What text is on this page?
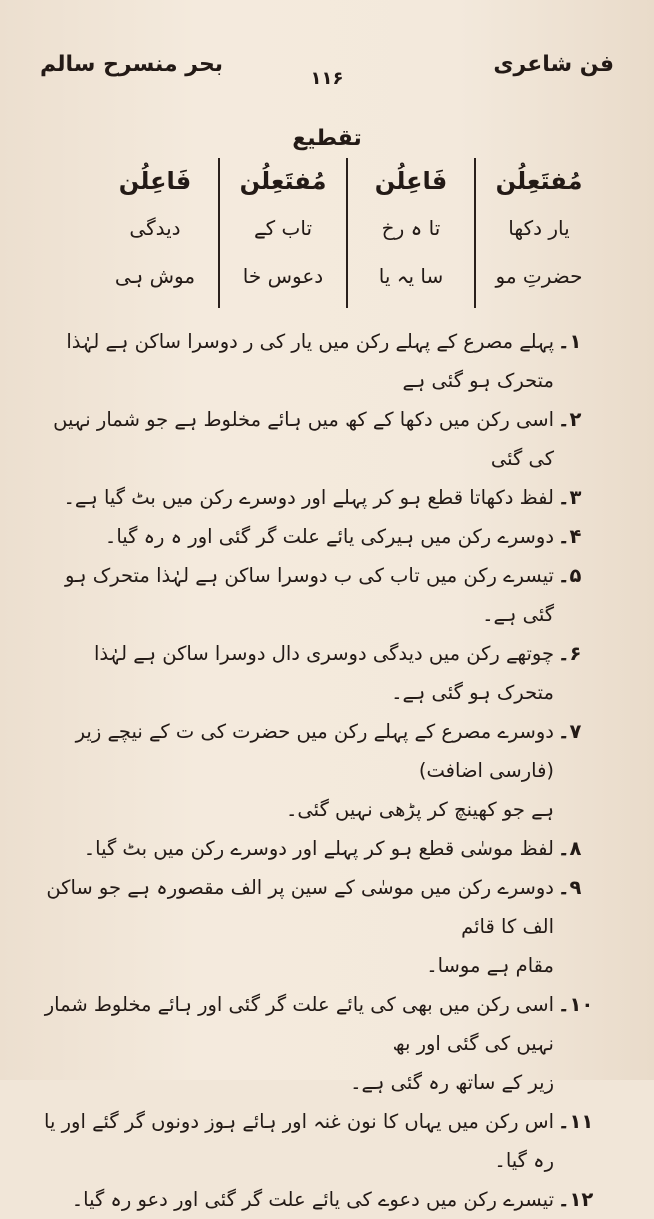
فن شاعری
۱۱۶
بحر منسرح سالم
تقطیع
مُفتَعِلُن
یار دکھا
حضرتِ مو
فَاعِلُن
تا ہ رخ
سا یہ یا
مُفتَعِلُن
تاب کے
دعوس خا
فَاعِلُن
دیدگی
موش ہی
۱۔
پہلے مصرع کے پہلے رکن میں یار کی ر دوسرا ساکن ہے لہٰذا متحرک ہو گئی ہے
۲۔
اسی رکن میں دکھا کے کھ میں ہائے مخلوط ہے جو شمار نہیں کی گئی
۳۔
لفظ دکھاتا قطع ہو کر پہلے اور دوسرے رکن میں بٹ گیا ہے۔
۴۔
دوسرے رکن میں ہیرکی یائے علت گر گئی اور ہ رہ گیا۔
۵۔
تیسرے رکن میں تاب کی ب دوسرا ساکن ہے لہٰذا متحرک ہو گئی ہے۔
۶۔
چوتھے رکن میں دیدگی دوسری دال دوسرا ساکن ہے لہٰذا متحرک ہو گئی ہے۔
۷۔
دوسرے مصرع کے پہلے رکن میں حضرت کی ت کے نیچے زیر (فارسی اضافت)
ہے جو کھینچ کر پڑھی نہیں گئی۔
۸۔
لفظ موسٰی قطع ہو کر پہلے اور دوسرے رکن میں بٹ گیا۔
۹۔
دوسرے رکن میں موسٰی کے سین پر الف مقصورہ ہے جو ساکن الف کا قائم
مقام ہے موسا۔
۱۰۔
اسی رکن میں بھی کی یائے علت گر گئی اور ہائے مخلوط شمار نہیں کی گئی اور بھ
زیر کے ساتھ رہ گئی ہے۔
۱۱۔
اس رکن میں یہاں کا نون غنہ اور ہائے ہوز دونوں گر گئے اور یا رہ گیا۔
۱۲۔
تیسرے رکن میں دعوے کی یائے علت گر گئی اور دعو رہ گیا۔
